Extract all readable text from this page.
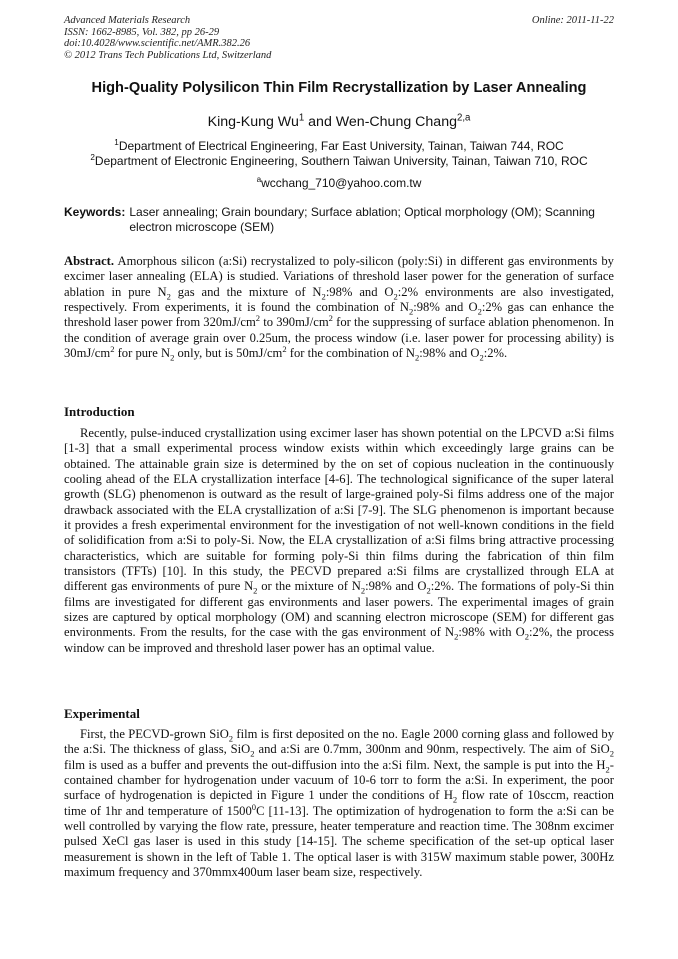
Advanced Materials Research
ISSN: 1662-8985, Vol. 382, pp 26-29
doi:10.4028/www.scientific.net/AMR.382.26
© 2012 Trans Tech Publications Ltd, Switzerland
Online: 2011-11-22
High-Quality Polysilicon Thin Film Recrystallization by Laser Annealing
King-Kung Wu$^1$ and Wen-Chung Chang$^{2,a}$
$^1$Department of Electrical Engineering, Far East University, Tainan, Taiwan 744, ROC
$^2$Department of Electronic Engineering, Southern Taiwan University, Tainan, Taiwan 710, ROC
$^a$wcchang_710@yahoo.com.tw
Keywords: Laser annealing; Grain boundary; Surface ablation; Optical morphology (OM); Scanning electron microscope (SEM)
Abstract. Amorphous silicon (a:Si) recrystalized to poly-silicon (poly:Si) in different gas environments by excimer laser annealing (ELA) is studied. Variations of threshold laser power for the generation of surface ablation in pure $N_2$ gas and the mixture of $N_2:98\%$ and $O_2:2\%$ environments are also investigated, respectively. From experiments, it is found the combination of $N_2:98\%$ and $O_2:2\%$ gas can enhance the threshold laser power from $320mJ/cm^2$ to $390mJ/cm^2$ for the suppressing of surface ablation phenomenon. In the condition of average grain over 0.25um, the process window (i.e. laser power for processing ability) is $30mJ/cm^2$ for pure $N_2$ only, but is $50mJ/cm^2$ for the combination of $N_2:98\%$ and $O_2:2\%$.
Introduction
Recently, pulse-induced crystallization using excimer laser has shown potential on the LPCVD a:Si films [1-3] that a small experimental process window exists within which exceedingly large grains can be obtained. The attainable grain size is determined by the on set of copious nucleation in the continuously cooling ahead of the ELA crystallization interface [4-6]. The technological significance of the super lateral growth (SLG) phenomenon is outward as the result of large-grained poly-Si films address one of the major drawback associated with the ELA crystallization of a:Si [7-9]. The SLG phenomenon is important because it provides a fresh experimental environment for the investigation of not well-known conditions in the field of solidification from a:Si to poly-Si. Now, the ELA crystallization of a:Si films bring attractive processing characteristics, which are suitable for forming poly-Si thin films during the fabrication of thin film transistors (TFTs) [10]. In this study, the PECVD prepared a:Si films are crystallized through ELA at different gas environments of pure $N_2$ or the mixture of $N_2:98\%$ and $O_2:2\%$. The formations of poly-Si thin films are investigated for different gas environments and laser powers. The experimental images of grain sizes are captured by optical morphology (OM) and scanning electron microscope (SEM) for different gas environments. From the results, for the case with the gas environment of $N_2:98\%$ with $O_2:2\%$, the process window can be improved and threshold laser power has an optimal value.
Experimental
First, the PECVD-grown SiO$_2$ film is first deposited on the no. Eagle 2000 corning glass and followed by the a:Si. The thickness of glass, SiO$_2$ and a:Si are 0.7mm, 300nm and 90nm, respectively. The aim of SiO$_2$ film is used as a buffer and prevents the out-diffusion into the a:Si film. Next, the sample is put into the $H_2$-contained chamber for hydrogenation under vacuum of 10-6 torr to form the a:Si. In experiment, the poor surface of hydrogenation is depicted in Figure 1 under the conditions of $H_2$ flow rate of 10sccm, reaction time of 1hr and temperature of 1500$^0$C [11-13]. The optimization of hydrogenation to form the a:Si can be well controlled by varying the flow rate, pressure, heater temperature and reaction time. The 308nm excimer pulsed XeCl gas laser is used in this study [14-15]. The scheme specification of the set-up optical laser measurement is shown in the left of Table 1. The optical laser is with 315W maximum stable power, 300Hz maximum frequency and 370mmx400um laser beam size, respectively.
